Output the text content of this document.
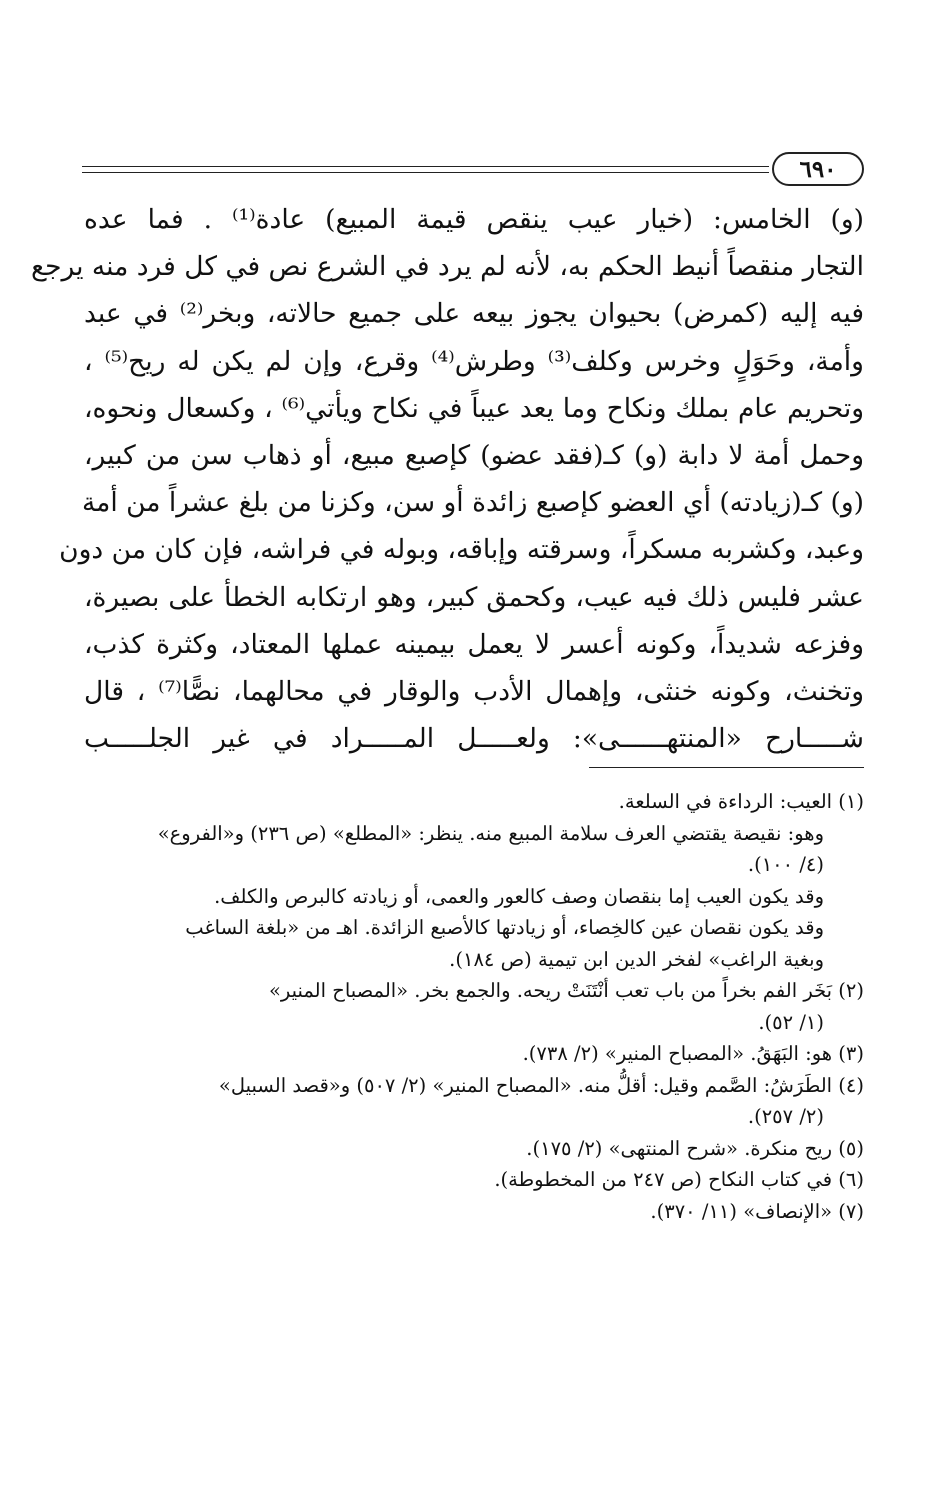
٦٩٠

(و) الخامس: (خيار عيب ينقص قيمة المبيع) عادة⁽¹⁾ . فما عده

التجار منقصاً أنيط الحكم به، لأنه لم يرد في الشرع نص في كل فرد منه يرجع

فيه إليه (كمرض) بحيوان يجوز بيعه على جميع حالاته، وبخر⁽²⁾ في عبد

وأمة، وحَوَلٍ وخرس وكلف⁽³⁾ وطرش⁽⁴⁾ وقرع، وإن لم يكن له ريح⁽⁵⁾ ،

وتحريم عام بملك ونكاح وما يعد عيباً في نكاح ويأتي⁽⁶⁾ ، وكسعال ونحوه،

وحمل أمة لا دابة (و) كـ(فقد عضو) كإصبع مبيع، أو ذهاب سن من كبير،

(و) كـ(زيادته) أي العضو كإصبع زائدة أو سن، وكزنا من بلغ عشراً من أمة

وعبد، وكشربه مسكراً، وسرقته وإباقه، وبوله في فراشه، فإن كان من دون

عشر فليس ذلك فيه عيب، وكحمق كبير، وهو ارتكابه الخطأ على بصيرة،

وفزعه شديداً، وكونه أعسر لا يعمل بيمينه عملها المعتاد، وكثرة كذب،

وتخنث، وكونه خنثى، وإهمال الأدب والوقار في محالهما، نصًّا⁽⁷⁾ ، قال

شـــــارح «المنتهــــــى»: ولعـــــل المـــــراد في غير الجلـــــب

(١) العيب: الرداءة في السلعة.

وهو: نقيصة يقتضي العرف سلامة المبيع منه. ينظر: «المطلع» (ص ٢٣٦) و«الفروع»

(٤/ ١٠٠).

وقد يكون العيب إما بنقصان وصف كالعور والعمى، أو زيادته كالبرص والكلف.

وقد يكون نقصان عين كالخِصاء، أو زيادتها كالأصبع الزائدة. اهـ من «بلغة الساغب

وبغية الراغب» لفخر الدين ابن تيمية (ص ١٨٤).

(٢) بَخَر الفم بخراً من باب تعب أنْتَنَتْ ريحه. والجمع بخر. «المصباح المنير»

(١/ ٥٢).

(٣) هو: البَهَقُ. «المصباح المنير» (٢/ ٧٣٨).

(٤) الطَرَشُ: الصَّمم وقيل: أقلُّ منه. «المصباح المنير» (٢/ ٥٠٧) و«قصد السبيل»

(٢/ ٢٥٧).

(٥) ريح منكرة. «شرح المنتهى» (٢/ ١٧٥).

(٦) في كتاب النكاح (ص ٢٤٧ من المخطوطة).

(٧) «الإنصاف» (١١/ ٣٧٠).
